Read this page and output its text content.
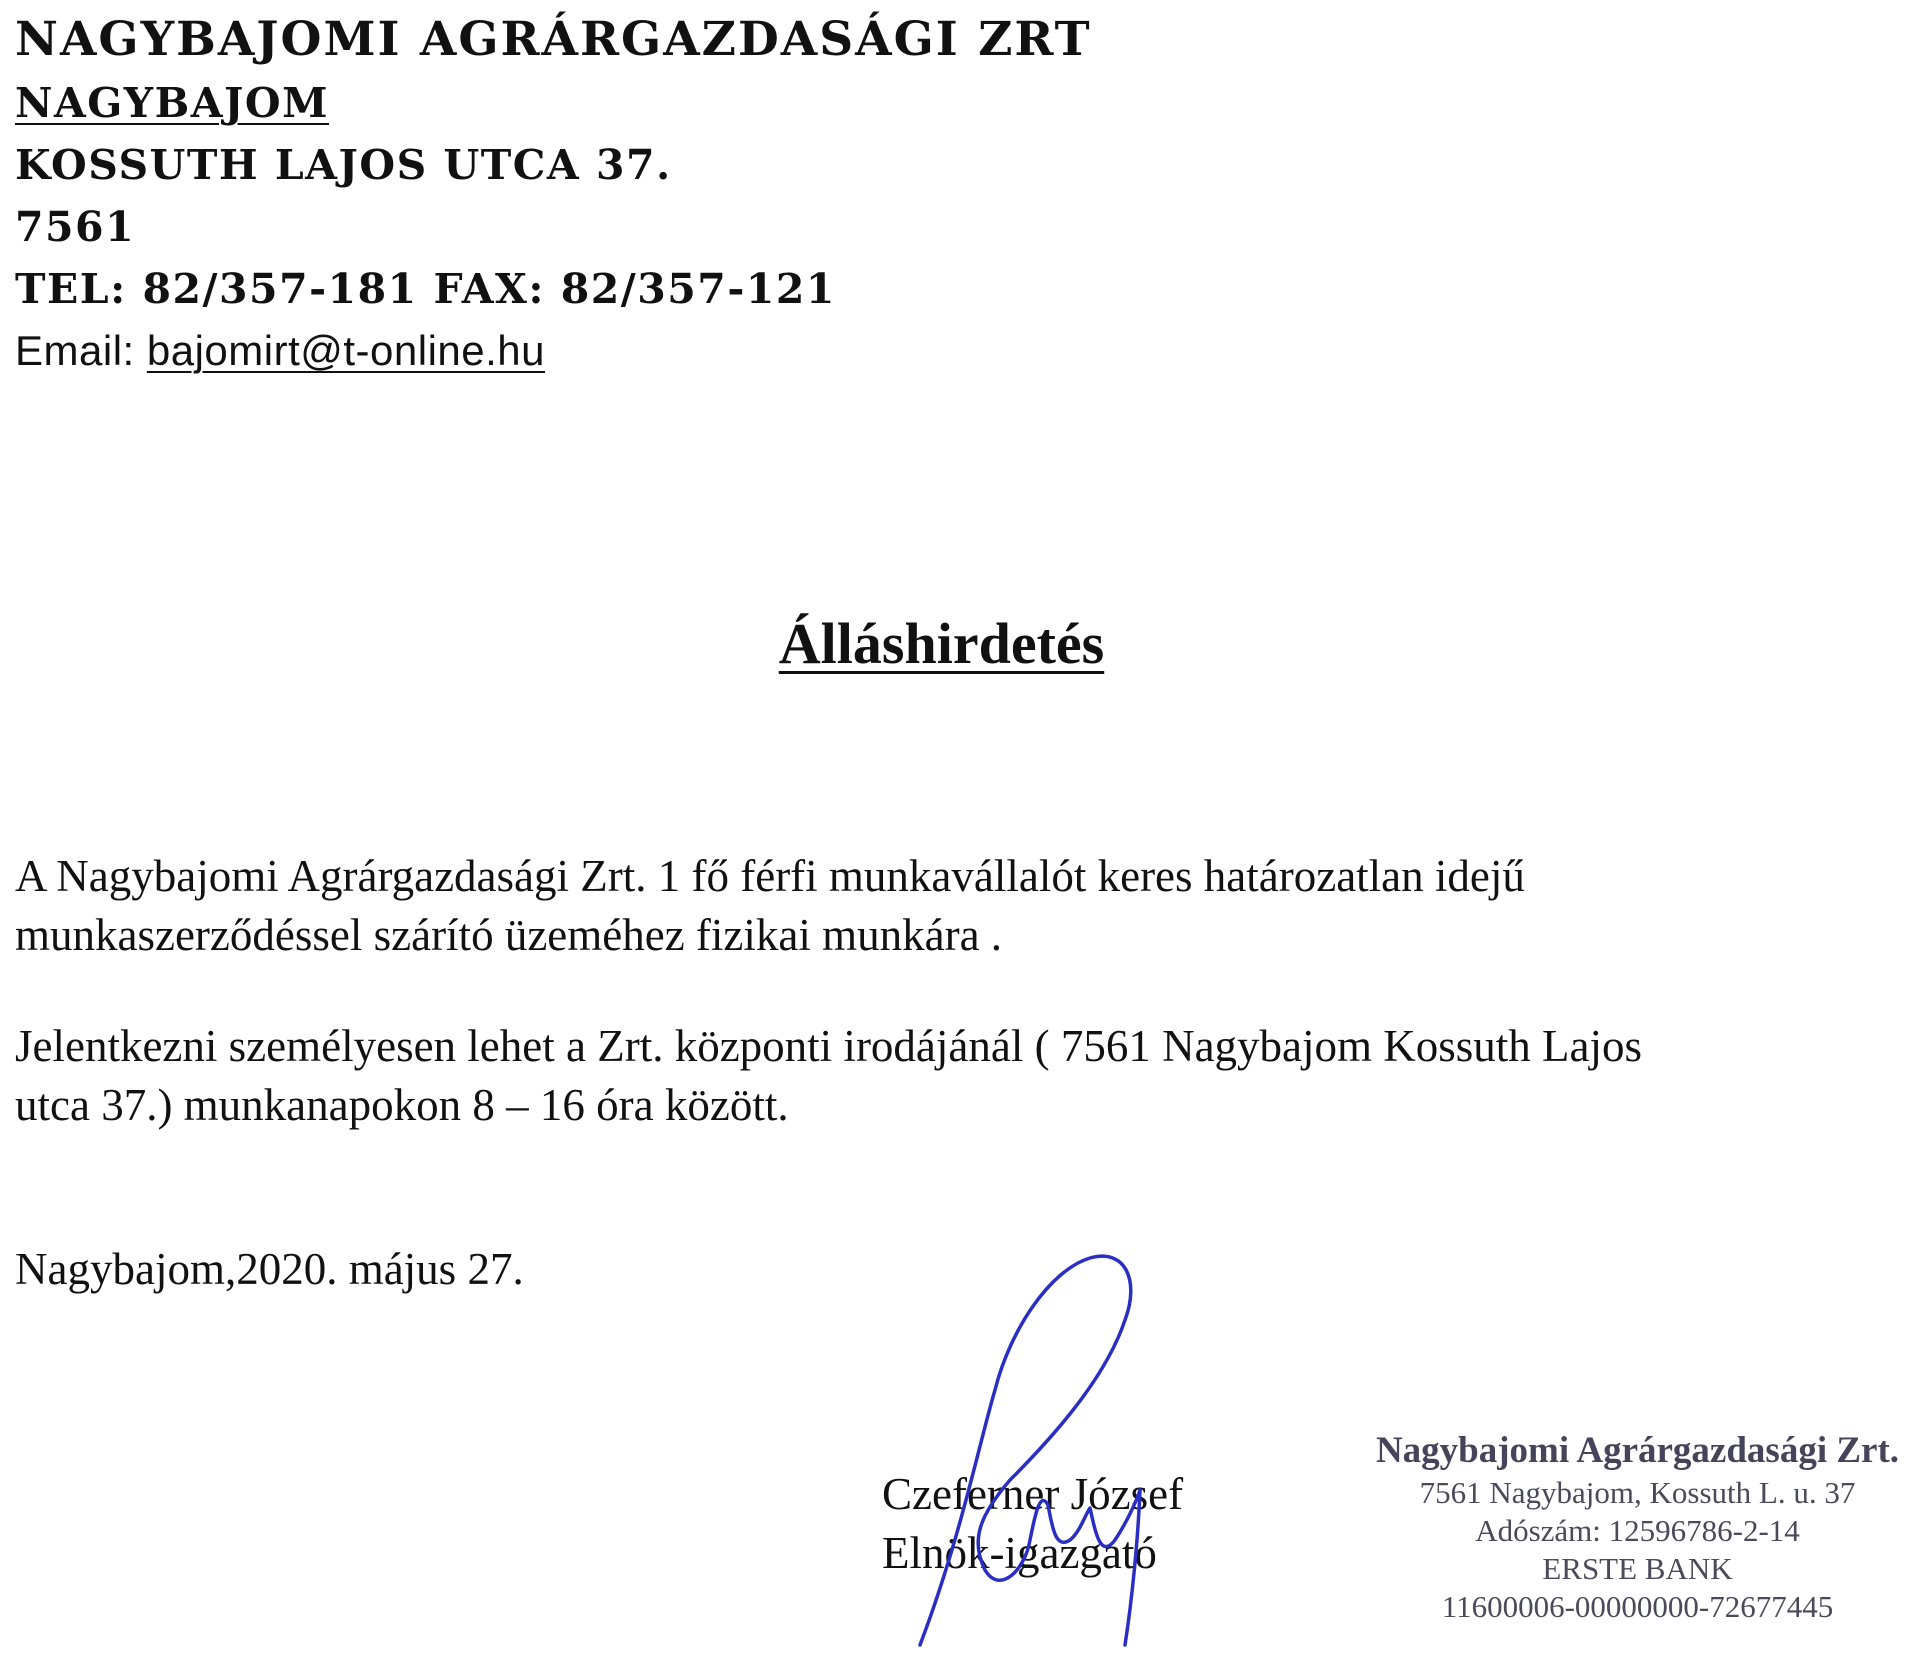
NAGYBAJOMI AGRÁRGAZDASÁGI ZRT

NAGYBAJOM

KOSSUTH LAJOS UTCA 37.

7561

TEL: 82/357-181 FAX: 82/357-121

Email: bajomirt@t-online.hu

Álláshirdetés
A Nagybajomi Agrárgazdasági Zrt. 1 fő férfi munkavállalót keres határozatlan idejű
munkaszerződéssel szárító üzeméhez fizikai munkára .
Jelentkezni személyesen lehet a Zrt. központi irodájánál ( 7561 Nagybajom Kossuth Lajos
utca 37.) munkanapokon 8 – 16 óra között.
Nagybajom,2020. május 27.
Czeferner József
Elnök-igazgató
Nagybajomi Agrárgazdasági Zrt.
7561 Nagybajom, Kossuth L. u. 37
Adószám: 12596786-2-14
ERSTE BANK
11600006-00000000-72677445
